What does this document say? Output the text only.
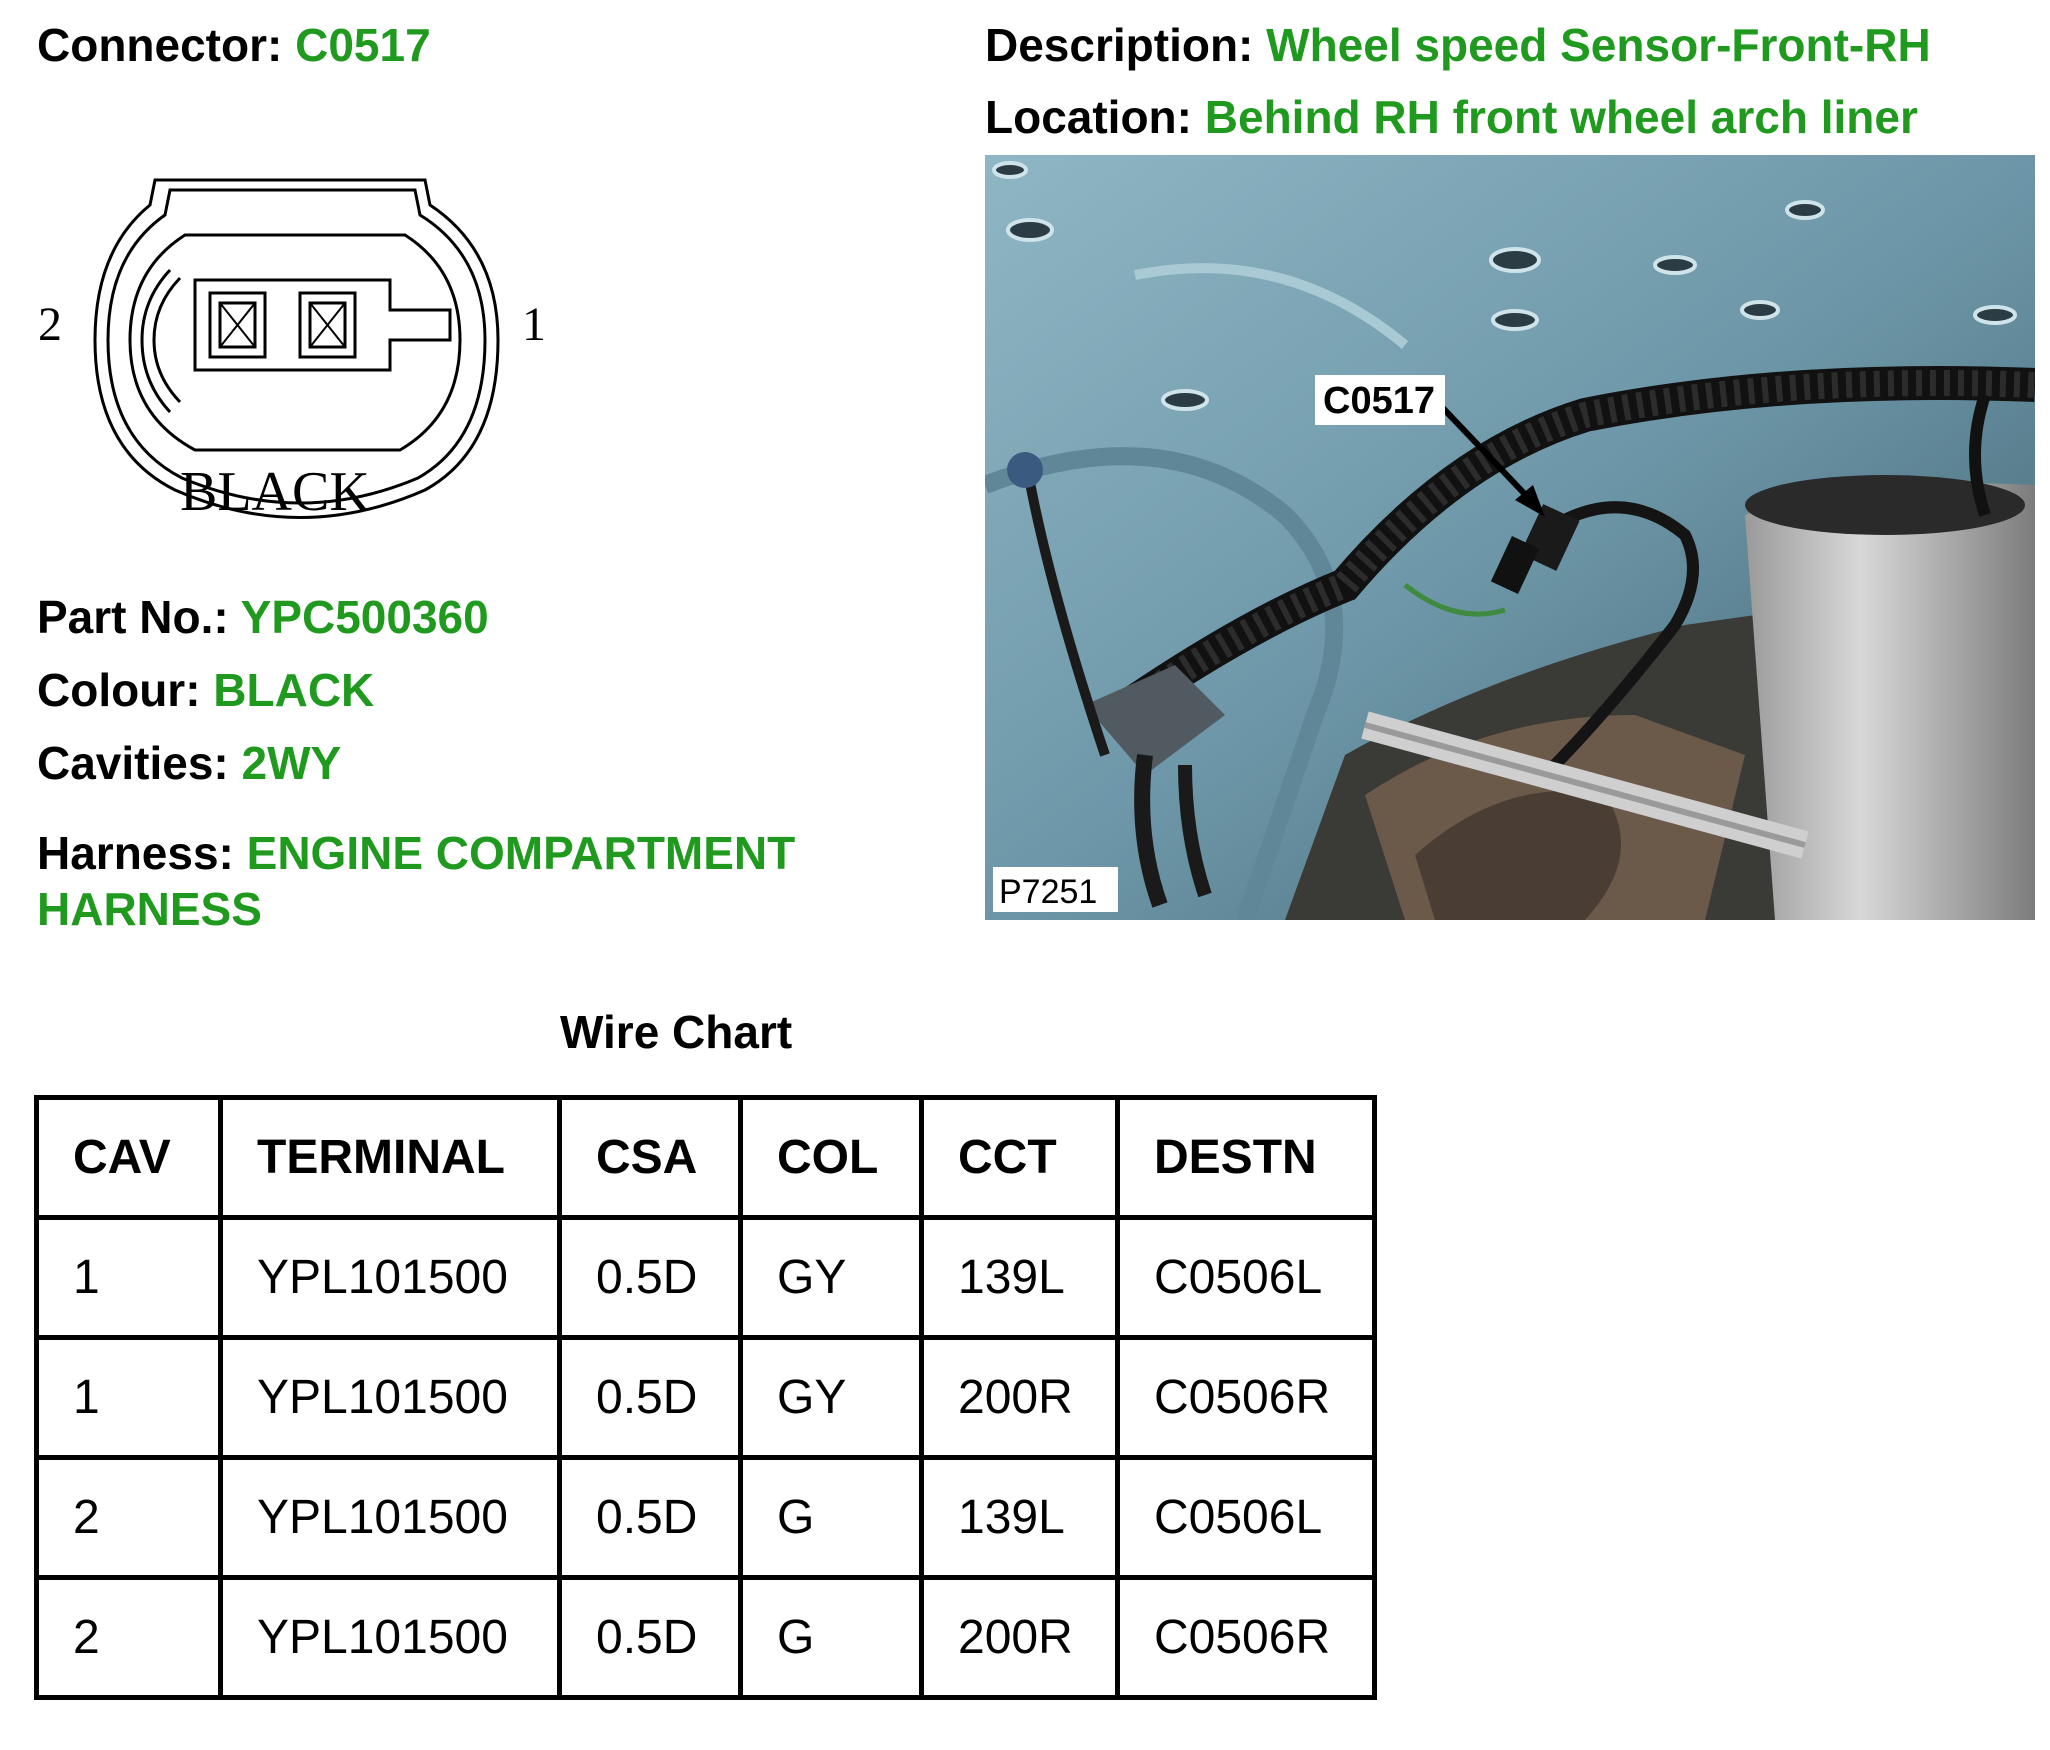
Connector: C0517	Description: Wheel speed Sensor-Front-RH
Location: Behind RH front wheel arch liner
2	1
BLACK
Part No.: YPC500360
Colour: BLACK
Cavities: 2WY
Harness: ENGINE COMPARTMENT HARNESS
C0517
P7251
Wire Chart
CAV	TERMINAL	CSA	COL	CCT	DESTN
1	YPL101500	0.5D	GY	139L	C0506L
1	YPL101500	0.5D	GY	200R	C0506R
2	YPL101500	0.5D	G	139L	C0506L
2	YPL101500	0.5D	G	200R	C0506R
